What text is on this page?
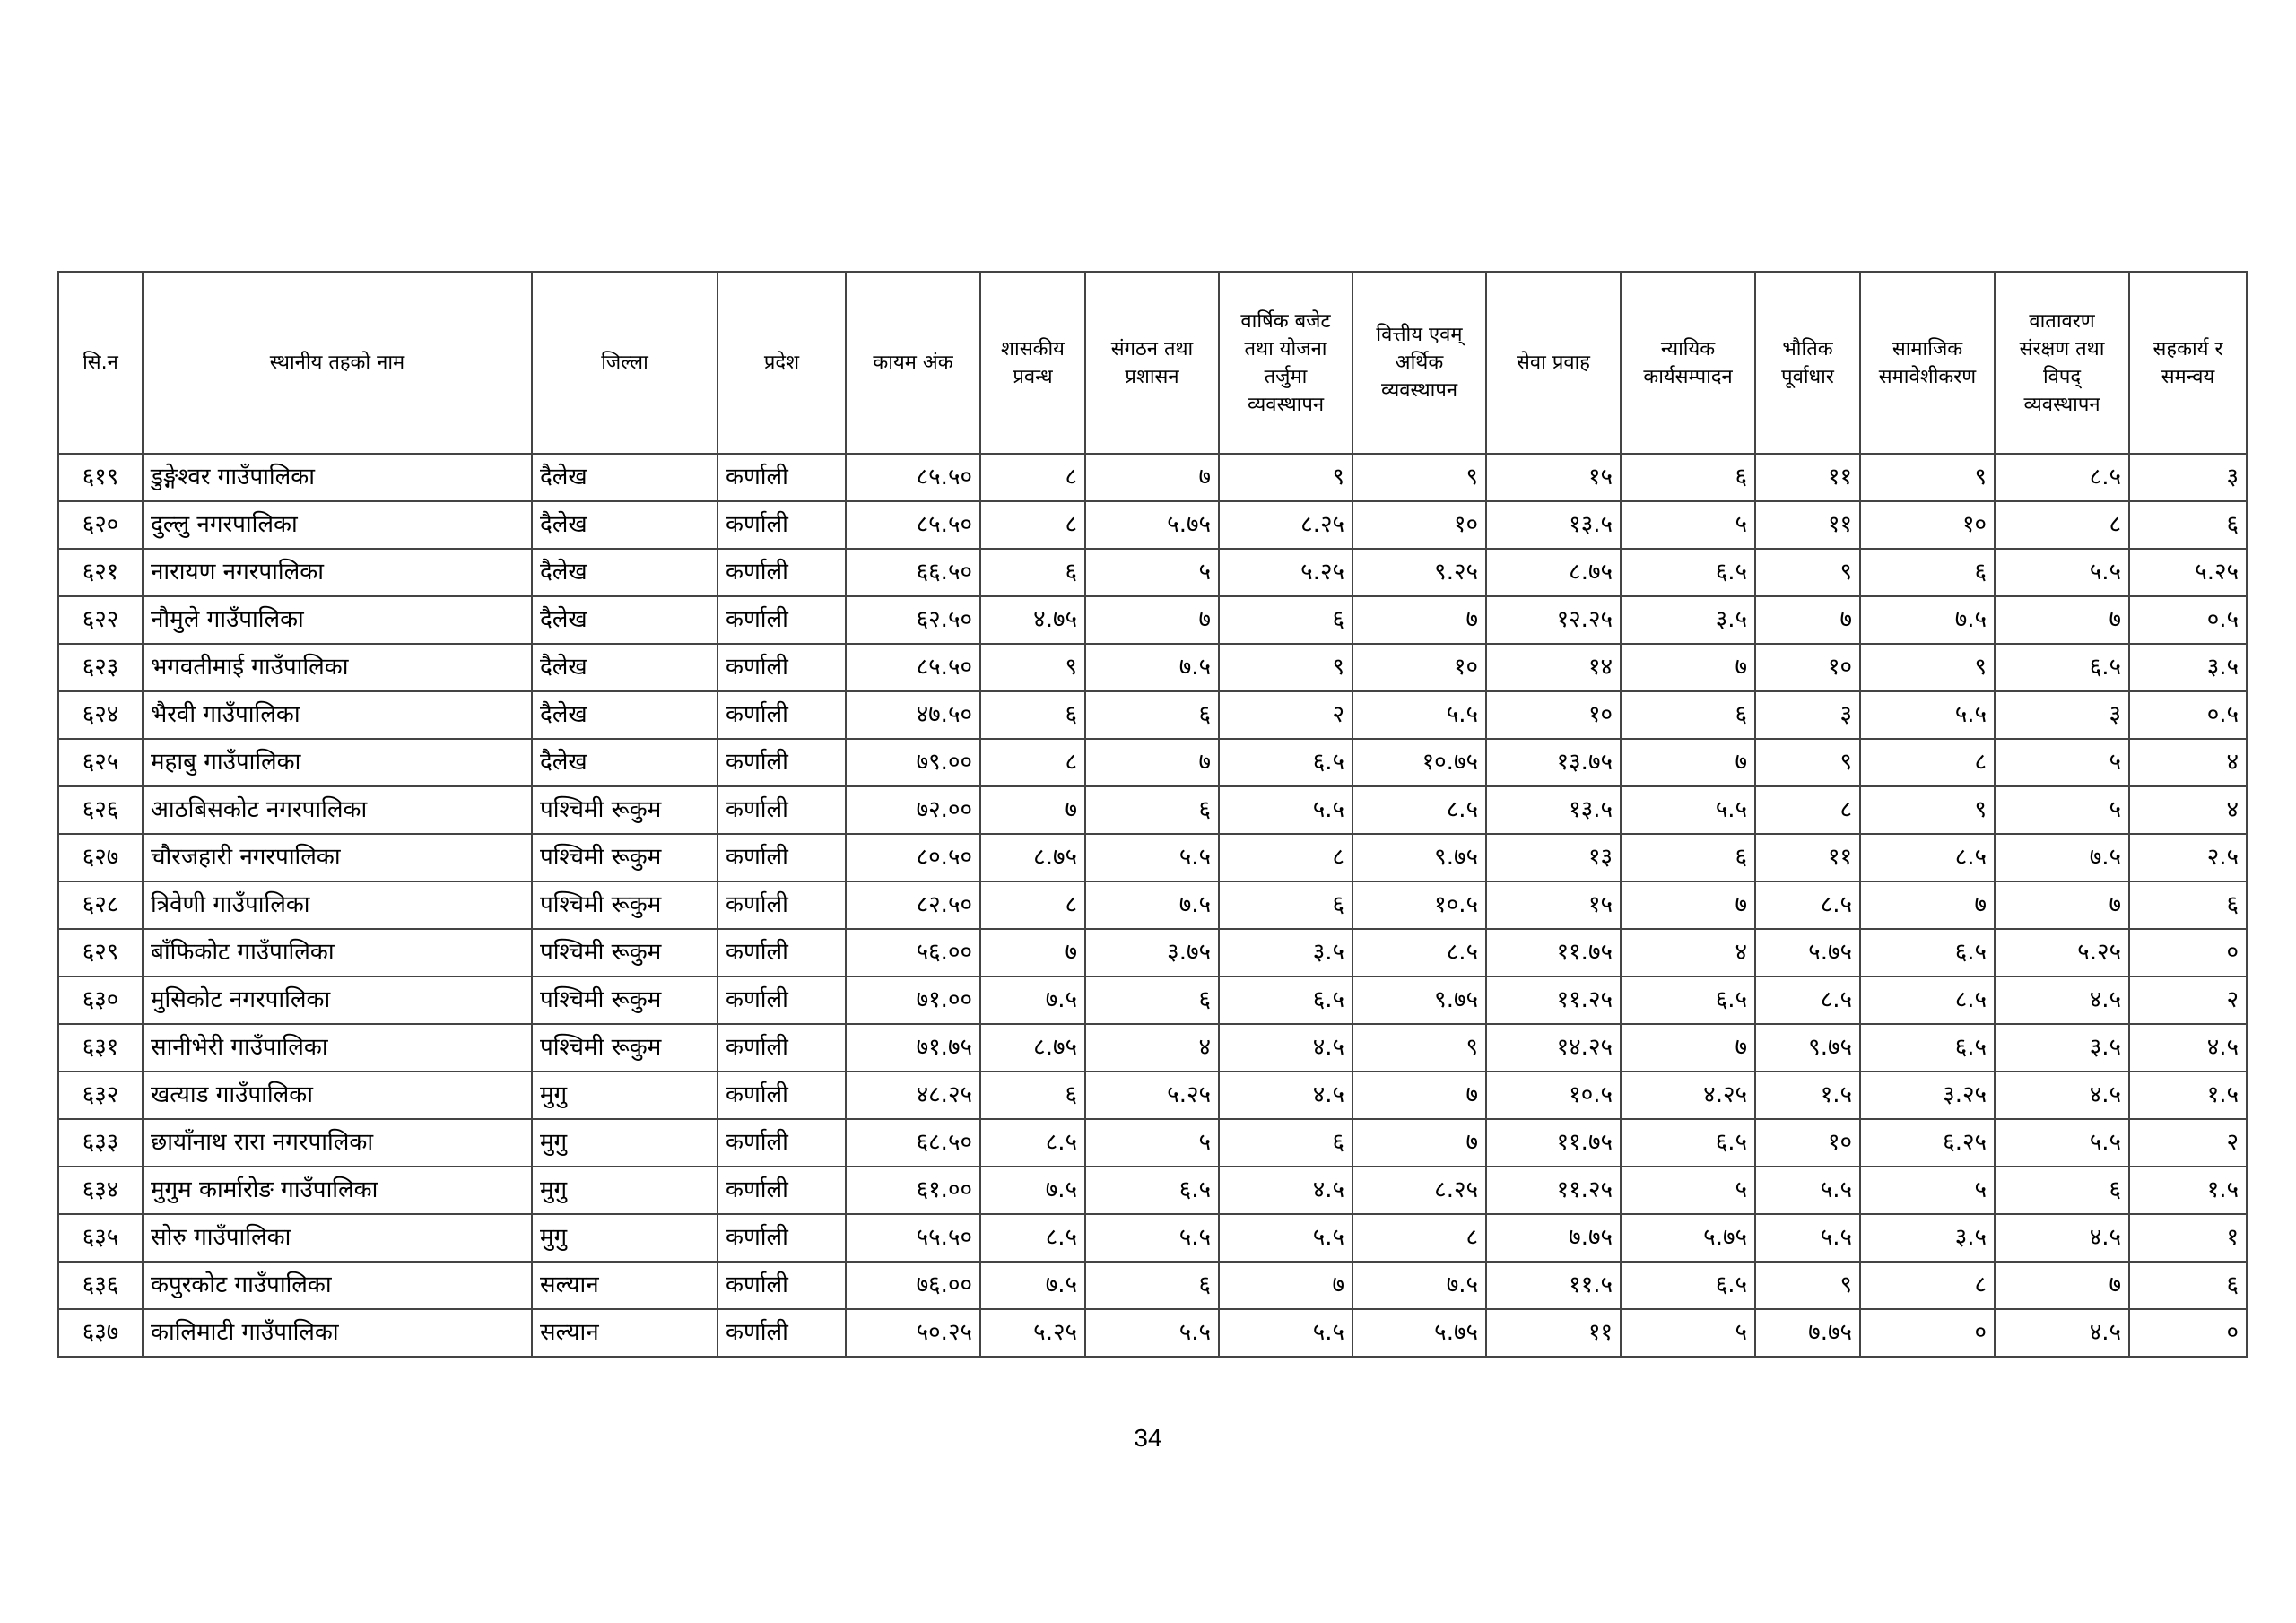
सि.न	स्थानीय तहको नाम	जिल्ला	प्रदेश	कायम अंक	शासकीय प्रवन्ध	संगठन तथा प्रशासन	वार्षिक बजेट तथा योजना तर्जुमा व्यवस्थापन	वित्तीय एवम् अर्थिक व्यवस्थापन	सेवा प्रवाह	न्यायिक कार्यसम्पादन	भौतिक पूर्वाधार	सामाजिक समावेशीकरण	वातावरण संरक्षण तथा विपद् व्यवस्थापन	सहकार्य र समन्वय
६१९	डुङ्गेश्वर गाउँपालिका	दैलेख	कर्णाली	८५.५०	८	७	९	९	१५	६	११	९	८.५	३
६२०	दुल्लु नगरपालिका	दैलेख	कर्णाली	८५.५०	८	५.७५	८.२५	१०	१३.५	५	११	१०	८	६
६२१	नारायण नगरपालिका	दैलेख	कर्णाली	६६.५०	६	५	५.२५	९.२५	८.७५	६.५	९	६	५.५	५.२५
६२२	नौमुले गाउँपालिका	दैलेख	कर्णाली	६२.५०	४.७५	७	६	७	१२.२५	३.५	७	७.५	७	०.५
६२३	भगवतीमाई गाउँपालिका	दैलेख	कर्णाली	८५.५०	९	७.५	९	१०	१४	७	१०	९	६.५	३.५
६२४	भैरवी गाउँपालिका	दैलेख	कर्णाली	४७.५०	६	६	२	५.५	१०	६	३	५.५	३	०.५
६२५	महाबु गाउँपालिका	दैलेख	कर्णाली	७९.००	८	७	६.५	१०.७५	१३.७५	७	९	८	५	४
६२६	आठबिसकोट नगरपालिका	पश्चिमी रूकुम	कर्णाली	७२.००	७	६	५.५	८.५	१३.५	५.५	८	९	५	४
६२७	चौरजहारी नगरपालिका	पश्चिमी रूकुम	कर्णाली	८०.५०	८.७५	५.५	८	९.७५	१३	६	११	८.५	७.५	२.५
६२८	त्रिवेणी गाउँपालिका	पश्चिमी रूकुम	कर्णाली	८२.५०	८	७.५	६	१०.५	१५	७	८.५	७	७	६
६२९	बाँफिकोट गाउँपालिका	पश्चिमी रूकुम	कर्णाली	५६.००	७	३.७५	३.५	८.५	११.७५	४	५.७५	६.५	५.२५	०
६३०	मुसिकोट नगरपालिका	पश्चिमी रूकुम	कर्णाली	७१.००	७.५	६	६.५	९.७५	११.२५	६.५	८.५	८.५	४.५	२
६३१	सानीभेरी गाउँपालिका	पश्चिमी रूकुम	कर्णाली	७१.७५	८.७५	४	४.५	९	१४.२५	७	९.७५	६.५	३.५	४.५
६३२	खत्याड गाउँपालिका	मुगु	कर्णाली	४८.२५	६	५.२५	४.५	७	१०.५	४.२५	१.५	३.२५	४.५	१.५
६३३	छायाँनाथ रारा नगरपालिका	मुगु	कर्णाली	६८.५०	८.५	५	६	७	११.७५	६.५	१०	६.२५	५.५	२
६३४	मुगुम कार्मारोङ गाउँपालिका	मुगु	कर्णाली	६१.००	७.५	६.५	४.५	८.२५	११.२५	५	५.५	५	६	१.५
६३५	सोरु गाउँपालिका	मुगु	कर्णाली	५५.५०	८.५	५.५	५.५	८	७.७५	५.७५	५.५	३.५	४.५	१
६३६	कपुरकोट गाउँपालिका	सल्यान	कर्णाली	७६.००	७.५	६	७	७.५	११.५	६.५	९	८	७	६
६३७	कालिमाटी गाउँपालिका	सल्यान	कर्णाली	५०.२५	५.२५	५.५	५.५	५.७५	११	५	७.७५	०	४.५	०
34
